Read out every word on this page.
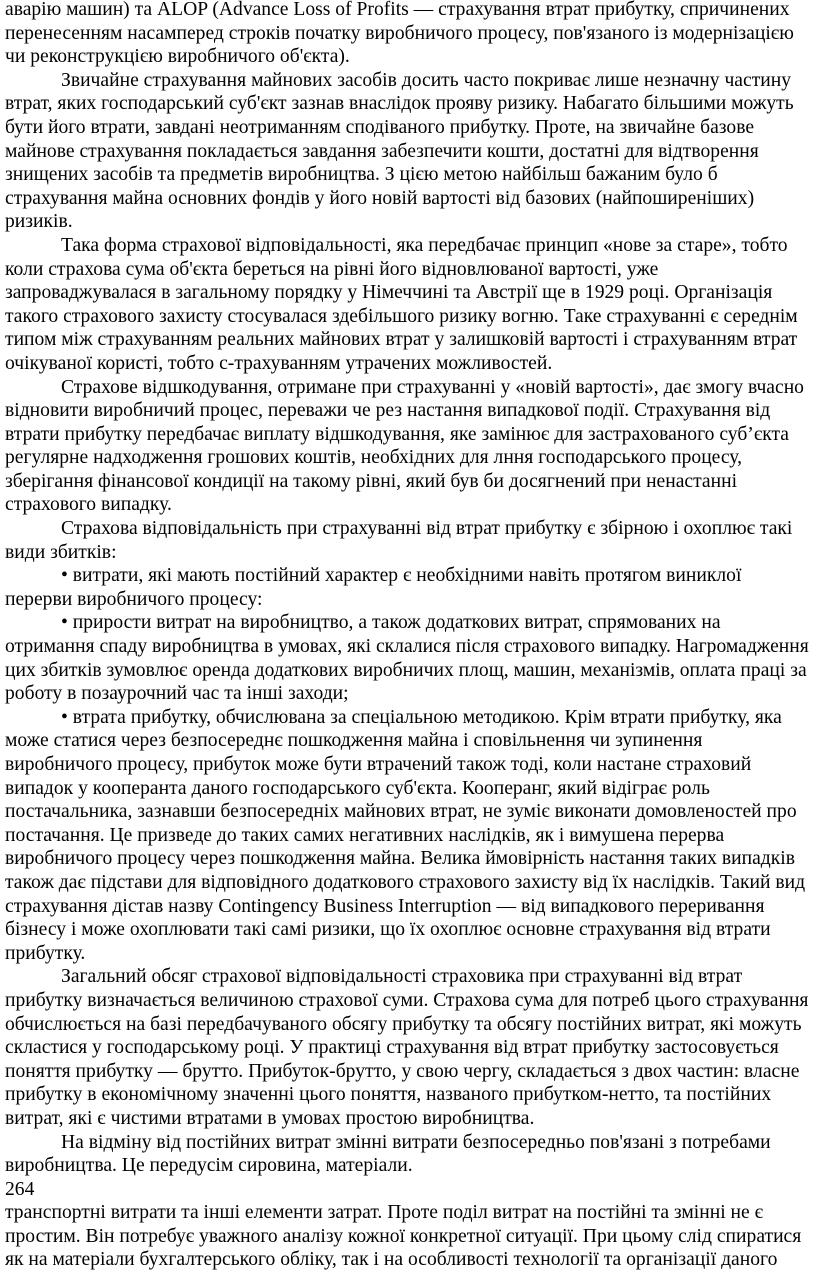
аварію машин) та ALOP (Advance Loss of Profits — страхування втрат прибутку, спричинених перенесенням насамперед строків початку виробничого процесу, пов'язаного із модернізацією чи реконструкцією виробничого об'єкта).

Звичайне страхування майнових засобів досить часто покриває лише незначну частину втрат, яких господарський суб'єкт зазнав внаслідок прояву ризику. Набагато більшими можуть бути його втрати, завдані неотриманням сподіваного прибутку. Проте, на звичайне базове майнове страхування покладається завдання забезпечити кошти, достатні для відтворення знищених засобів та предметів виробництва. З цією метою найбільш бажаним було б страхування майна основних фондів у його новій вартості від базових (найпоширеніших) ризиків.

Така форма страхової відповідальності, яка передбачає принцип «нове за старе», тобто коли страхова сума об'єкта береться на рівні його відновлюваної вартості, уже запроваджувалася в загальному порядку у Німеччині та Австрії ще в 1929 році. Організація такого страхового захисту стосувалася здебільшого ризику вогню. Таке страхуванні є середнім типом між страхуванням реальних майнових втрат у залишковій вартості і страхуванням втрат очікуваної користі, тобто с-трахуванням утрачених можливостей.

Страхове відшкодування, отримане при страхуванні у «новій вартості», дає змогу вчасно відновити виробничий процес, переважи че рез настання випадкової події. Страхування від втрати прибутку передбачає виплату відшкодування, яке замінює для застрахованого суб’єкта регулярне надходження грошових коштів, необхідних для лння господарського процесу, зберігання фінансової кондиції на такому рівні, який був би досягнений при ненастанні страхового випадку.

Страхова відповідальність при страхуванні від втрат прибутку є збірною і охоплює такі види збитків:

• витрати, які мають постійний характер є необхідними навіть протягом виниклої перерви виробничого процесу:

• прирости витрат на виробництво, а також додаткових витрат, спрямованих на отримання спаду виробництва в умовах, які склалися після страхового випадку. Нагромадження цих збитків зумовлює оренда додаткових виробничих площ, машин, механізмів, оплата праці за роботу в позаурочний час та інші заходи;

• втрата прибутку, обчислювана за спеціальною методикою. Крім втрати прибутку, яка може статися через безпосереднє пошкодження майна і сповільнення чи зупинення виробничого процесу, прибуток може бути втрачений також тоді, коли настане страховий випадок у кооперанта даного господарського суб'єкта. Коопeранг, який відіграє роль постачальника, зазнавши безпосередніх майнових втрат, не зуміє виконати домовленостей про постачання. Це призведе до таких самих негативних наслідків, як і вимушена перерва виробничого процесу через пошкодження майна. Велика ймовірність настання таких випадків також дає підстави для відповідного додаткового страхового захисту від їх наслідків. Такий вид страхування дістав назву Contingency Business Interruption — від випадкового переривання бізнесу і може охоплювати такі самі ризики, що їх охоплює основне страхування від втрати прибутку.

Загальний обсяг страхової відповідальності страховика при страхуванні від втрат прибутку визначається величиною страхової суми. Страхова сума для потреб цього страхування обчислюється на базі передбачуваного обсягу прибутку та обсягу постійних витрат, які можуть скластися у господарському році. У практиці страхування від втрат прибутку застосовується поняття прибутку — брутто. Прибуток-брутто, у свою чергу, складається з двох частин: власне прибутку в економічному значенні цього поняття, названого прибутком-нетто, та постійних витрат, які є чистими втратами в умовах простою виробництва.

На відміну від постійних витрат змінні витрати безпосередньо пов'язані з потребами виробництва. Це передусім сировина, матеріали.

264

транспортні витрати та інші елементи затрат. Проте поділ витрат на постійні та змінні не є простим. Він потребує уважного аналізу кожної конкретної ситуації. При цьому слід спиратися як на матеріали бухгалтерського обліку, так і на особливості технології та організації даного
